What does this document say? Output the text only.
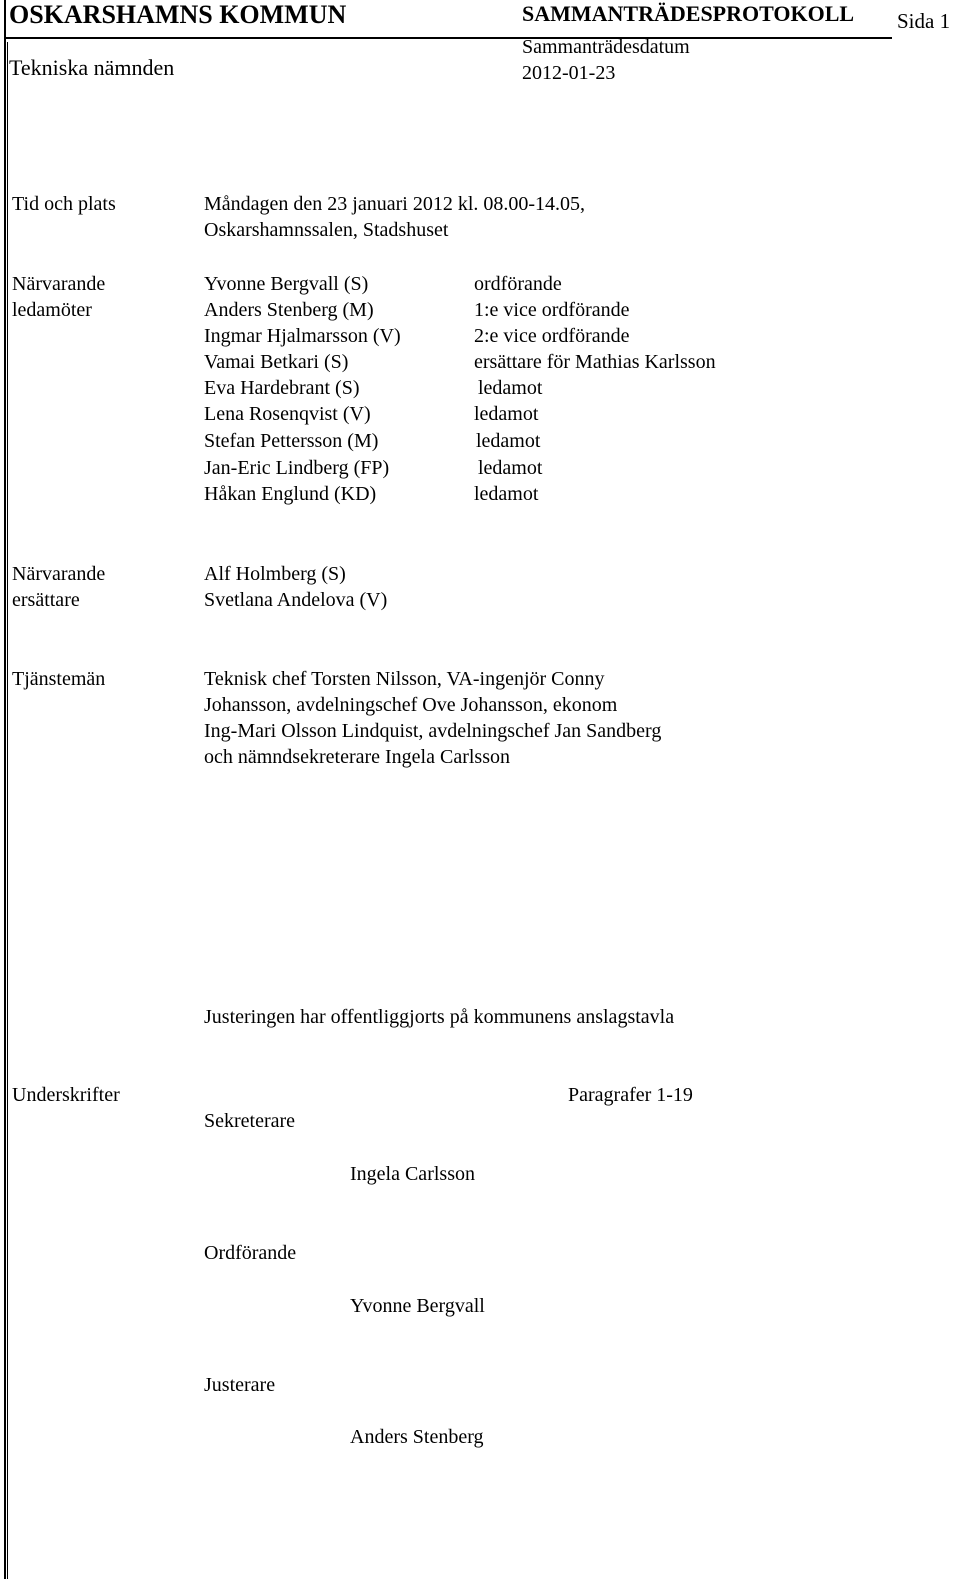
OSKARSHAMNS KOMMUN
Tekniska nämnden
SAMMANTRÄDESPROTOKOLL
Sammanträdesdatum
2012-01-23
Sida 1
Tid och plats	Måndagen den 23 januari 2012 kl. 08.00-14.05,
Oskarshamnssalen, Stadshuset
Närvarande
ledamöter
Yvonne Bergvall (S)	ordförande
Anders Stenberg (M)	1:e vice ordförande
Ingmar Hjalmarsson (V)	2:e vice ordförande
Vamai Betkari (S)	ersättare för Mathias Karlsson
Eva Hardebrant (S)	ledamot
Lena Rosenqvist (V)	ledamot
Stefan Pettersson (M)	ledamot
Jan-Eric Lindberg (FP)	ledamot
Håkan Englund (KD)	ledamot
Närvarande
ersättare
Alf Holmberg (S)
Svetlana Andelova (V)
Tjänstemän	Teknisk chef Torsten Nilsson, VA-ingenjör Conny
Johansson, avdelningschef Ove Johansson, ekonom
Ing-Mari Olsson Lindquist, avdelningschef Jan Sandberg
och nämndsekreterare Ingela Carlsson
Justeringen har offentliggjorts på kommunens anslagstavla
Underskrifter	Paragrafer 1-19
Sekreterare
Ingela Carlsson
Ordförande
Yvonne Bergvall
Justerare
Anders Stenberg
